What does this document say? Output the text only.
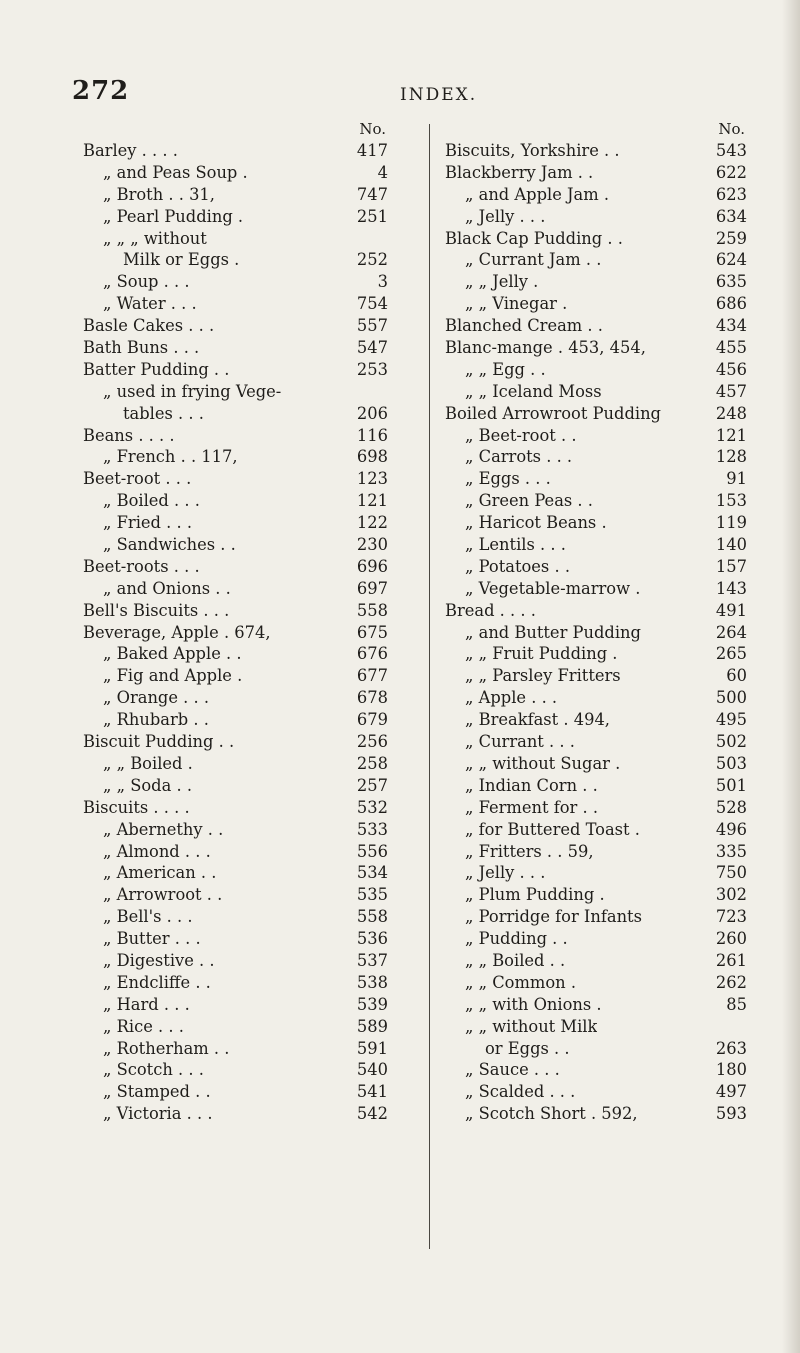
272	INDEX.
No.
Barley . . . .	417
„ and Peas Soup .	4
„ Broth . . 31,	747
„ Pearl Pudding .	251
„ „ „ without
Milk or Eggs .	252
„ Soup . . .	3
„ Water . . .	754
Basle Cakes . . .	557
Bath Buns . . .	547
Batter Pudding . .	253
„ used in frying Vege-
tables . . .	206
Beans . . . .	116
„ French . . 117,	698
Beet-root . . .	123
„ Boiled . . .	121
„ Fried . . .	122
„ Sandwiches . .	230
Beet-roots . . .	696
„ and Onions . .	697
Bell's Biscuits . . .	558
Beverage, Apple . 674,	675
„ Baked Apple . .	676
„ Fig and Apple .	677
„ Orange . . .	678
„ Rhubarb . .	679
Biscuit Pudding . .	256
„ „ Boiled .	258
„ „ Soda . .	257
Biscuits . . . .	532
„ Abernethy . .	533
„ Almond . . .	556
„ American . .	534
„ Arrowroot . .	535
„ Bell's . . .	558
„ Butter . . .	536
„ Digestive . .	537
„ Endcliffe . .	538
„ Hard . . .	539
„ Rice . . .	589
„ Rotherham . .	591
„ Scotch . . .	540
„ Stamped . .	541
„ Victoria . . .	542
No.
Biscuits, Yorkshire . .	543
Blackberry Jam . .	622
„ and Apple Jam .	623
„ Jelly . . .	634
Black Cap Pudding . .	259
„ Currant Jam . .	624
„ „ Jelly .	635
„ „ Vinegar .	686
Blanched Cream . .	434
Blanc-mange . 453, 454,	455
„ „ Egg . .	456
„ „ Iceland Moss	457
Boiled Arrowroot Pudding	248
„ Beet-root . .	121
„ Carrots . . .	128
„ Eggs . . .	91
„ Green Peas . .	153
„ Haricot Beans .	119
„ Lentils . . .	140
„ Potatoes . .	157
„ Vegetable-marrow .	143
Bread . . . .	491
„ and Butter Pudding	264
„ „ Fruit Pudding .	265
„ „ Parsley Fritters	60
„ Apple . . .	500
„ Breakfast . 494,	495
„ Currant . . .	502
„ „ without Sugar .	503
„ Indian Corn . .	501
„ Ferment for . .	528
„ for Buttered Toast .	496
„ Fritters . . 59,	335
„ Jelly . . .	750
„ Plum Pudding .	302
„ Porridge for Infants	723
„ Pudding . .	260
„ „ Boiled . .	261
„ „ Common .	262
„ „ with Onions .	85
„ „ without Milk
or Eggs . .	263
„ Sauce . . .	180
„ Scalded . . .	497
„ Scotch Short . 592,	593
